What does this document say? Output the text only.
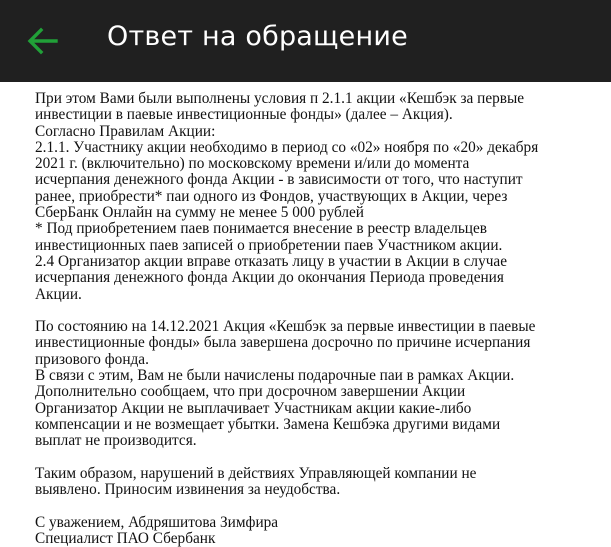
Ответ на обращение

При этом Вами были выполнены условия п 2.1.1 акции «Кешбэк за первые

инвестиции в паевые инвестиционные фонды» (далее – Акция).

Согласно Правилам Акции:

2.1.1. Участнику акции необходимо в период со «02» ноября по «20» декабря

2021 г. (включительно) по московскому времени и/или до момента

исчерпания денежного фонда Акции - в зависимости от того, что наступит

ранее, приобрести* паи одного из Фондов, участвующих в Акции, через

СберБанк Онлайн на сумму не менее 5 000 рублей

* Под приобретением паев понимается внесение в реестр владельцев

инвестиционных паев записей о приобретении паев Участником акции.

2.4 Организатор акции вправе отказать лицу в участии в Акции в случае

исчерпания денежного фонда Акции до окончания Периода проведения

Акции.

По состоянию на 14.12.2021 Акция «Кешбэк за первые инвестиции в паевые

инвестиционные фонды» была завершена досрочно по причине исчерпания

призового фонда.

В связи с этим, Вам не были начислены подарочные паи в рамках Акции.

Дополнительно сообщаем, что при досрочном завершении Акции

Организатор Акции не выплачивает Участникам акции какие-либо

компенсации и не возмещает убытки. Замена Кешбэка другими видами

выплат не производится.

Таким образом, нарушений в действиях Управляющей компании не

выявлено. Приносим извинения за неудобства.

С уважением, Абдряшитова Зимфира

Специалист ПАО Сбербанк
